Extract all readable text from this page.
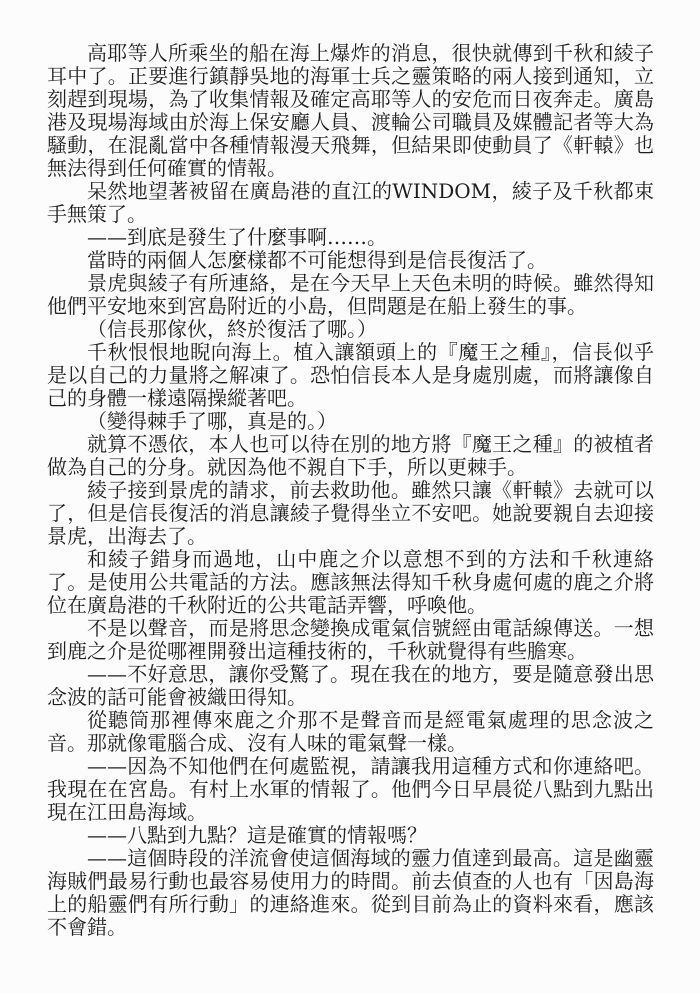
高耶等人所乘坐的船在海上爆炸的消息，很快就傳到千秋和綾子耳中了。正要進行鎮靜吳地的海軍士兵之靈策略的兩人接到通知，立刻趕到現場，為了收集情報及確定高耶等人的安危而日夜奔走。廣島港及現場海域由於海上保安廳人員、渡輪公司職員及媒體記者等大為騷動，在混亂當中各種情報漫天飛舞，但結果即使動員了《軒轅》也無法得到任何確實的情報。

呆然地望著被留在廣島港的直江的WINDOM，綾子及千秋都束手無策了。

——到底是發生了什麼事啊……。

當時的兩個人怎麼樣都不可能想得到是信長復活了。

景虎與綾子有所連絡，是在今天早上天色未明的時候。雖然得知他們平安地來到宮島附近的小島，但問題是在船上發生的事。

（信長那傢伙，終於復活了哪。）

千秋恨恨地睨向海上。植入讓額頭上的『魔王之種』，信長似乎是以自己的力量將之解凍了。恐怕信長本人是身處別處，而將讓像自己的身體一樣遠隔操縱著吧。

（變得棘手了哪，真是的。）

就算不憑依，本人也可以待在別的地方將『魔王之種』的被植者做為自己的分身。就因為他不親自下手，所以更棘手。

綾子接到景虎的請求，前去救助他。雖然只讓《軒轅》去就可以了，但是信長復活的消息讓綾子覺得坐立不安吧。她說要親自去迎接景虎，出海去了。

和綾子錯身而過地，山中鹿之介以意想不到的方法和千秋連絡了。是使用公共電話的方法。應該無法得知千秋身處何處的鹿之介將位在廣島港的千秋附近的公共電話弄響，呼喚他。

不是以聲音，而是將思念變換成電氣信號經由電話線傳送。一想到鹿之介是從哪裡開發出這種技術的，千秋就覺得有些膽寒。

——不好意思，讓你受驚了。現在我在的地方，要是隨意發出思念波的話可能會被織田得知。

從聽筒那裡傳來鹿之介那不是聲音而是經電氣處理的思念波之音。那就像電腦合成、沒有人味的電氣聲一樣。

——因為不知他們在何處監視，請讓我用這種方式和你連絡吧。我現在在宮島。有村上水軍的情報了。他們今日早晨從八點到九點出現在江田島海域。

——八點到九點？這是確實的情報嗎？

——這個時段的洋流會使這個海域的靈力值達到最高。這是幽靈海賊們最易行動也最容易使用力的時間。前去偵查的人也有「因島海上的船靈們有所行動」的連絡進來。從到目前為止的資料來看，應該不會錯。
